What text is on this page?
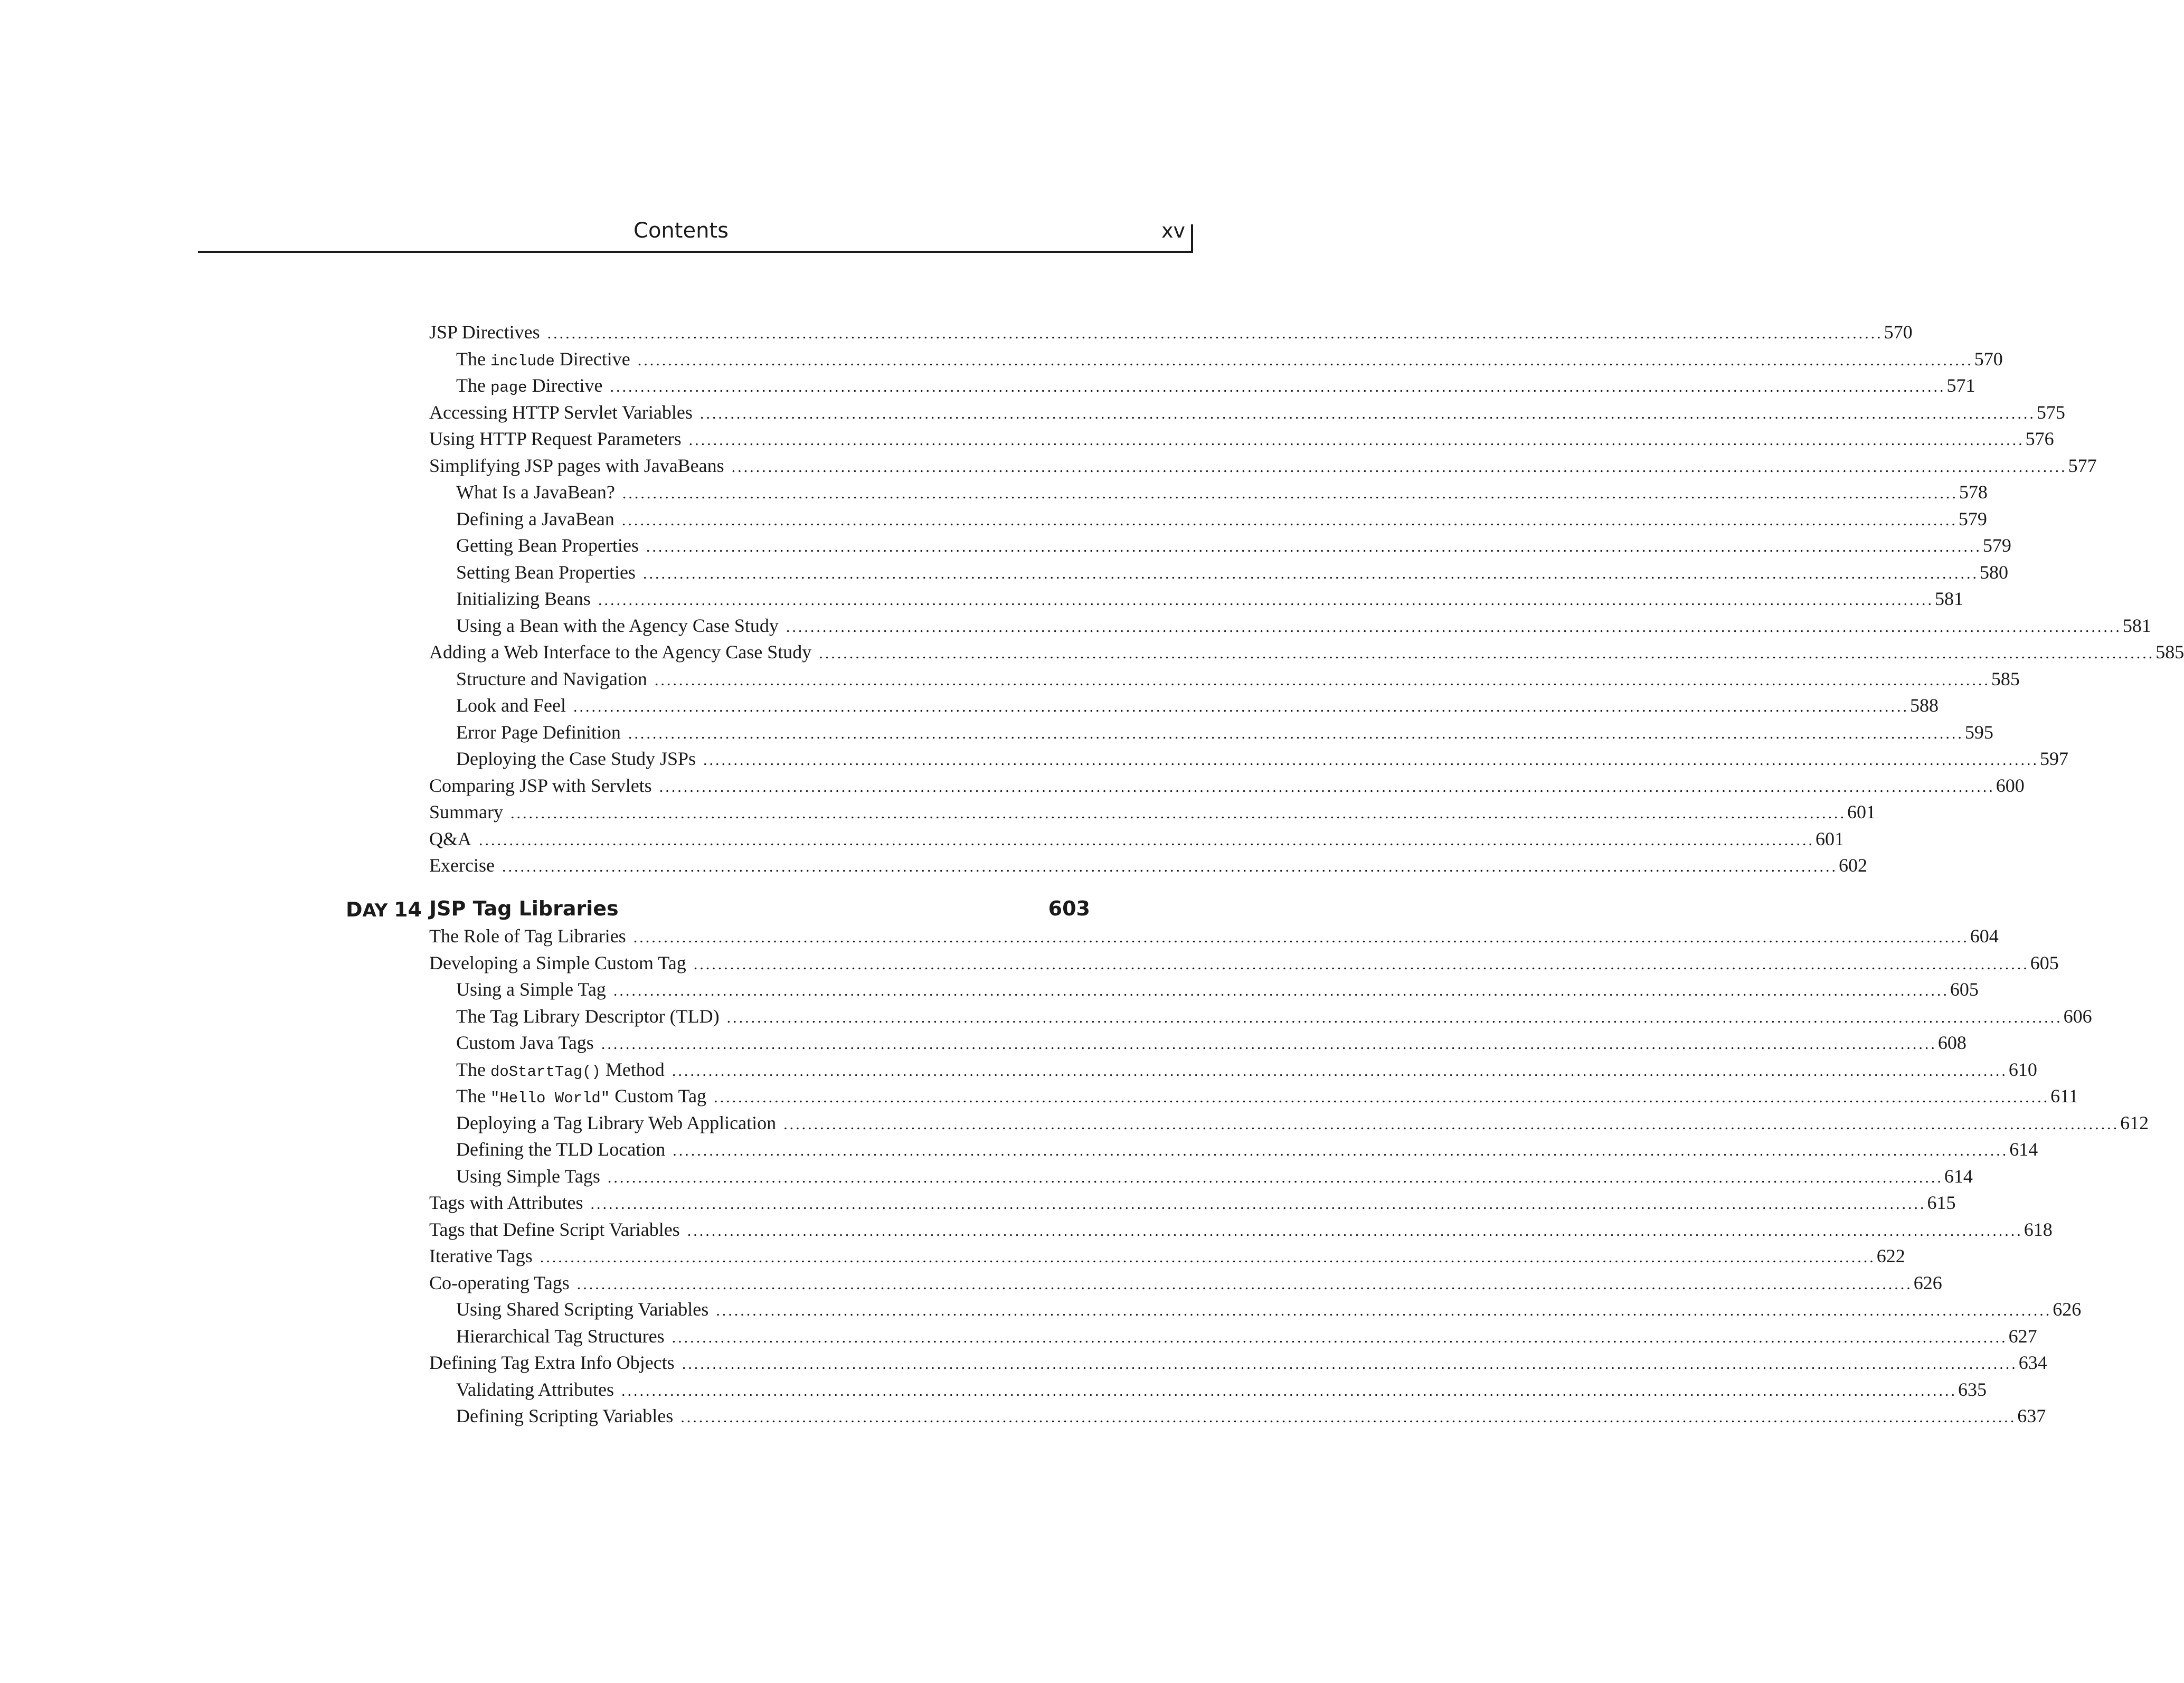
Contents	xv
JSP Directives ............................................................................................................................................................................................................................ 570
The include Directive ............................................................................................................................................................................................................................ 570
The page Directive ............................................................................................................................................................................................................................ 571
Accessing HTTP Servlet Variables ............................................................................................................................................................................................................................ 575
Using HTTP Request Parameters ............................................................................................................................................................................................................................ 576
Simplifying JSP pages with JavaBeans ............................................................................................................................................................................................................................ 577
What Is a JavaBean? ............................................................................................................................................................................................................................ 578
Defining a JavaBean ............................................................................................................................................................................................................................ 579
Getting Bean Properties ............................................................................................................................................................................................................................ 579
Setting Bean Properties ............................................................................................................................................................................................................................ 580
Initializing Beans ............................................................................................................................................................................................................................ 581
Using a Bean with the Agency Case Study ............................................................................................................................................................................................................................ 581
Adding a Web Interface to the Agency Case Study ............................................................................................................................................................................................................................ 585
Structure and Navigation ............................................................................................................................................................................................................................ 585
Look and Feel ............................................................................................................................................................................................................................ 588
Error Page Definition ............................................................................................................................................................................................................................ 595
Deploying the Case Study JSPs ............................................................................................................................................................................................................................ 597
Comparing JSP with Servlets ............................................................................................................................................................................................................................ 600
Summary ............................................................................................................................................................................................................................ 601
Q&A ............................................................................................................................................................................................................................ 601
Exercise ............................................................................................................................................................................................................................ 602
DAY 14 JSP Tag Libraries	603
The Role of Tag Libraries ............................................................................................................................................................................................................................ 604
Developing a Simple Custom Tag ............................................................................................................................................................................................................................ 605
Using a Simple Tag ............................................................................................................................................................................................................................ 605
The Tag Library Descriptor (TLD) ............................................................................................................................................................................................................................ 606
Custom Java Tags ............................................................................................................................................................................................................................ 608
The doStartTag() Method ............................................................................................................................................................................................................................ 610
The "Hello World" Custom Tag ............................................................................................................................................................................................................................ 611
Deploying a Tag Library Web Application ............................................................................................................................................................................................................................ 612
Defining the TLD Location ............................................................................................................................................................................................................................ 614
Using Simple Tags ............................................................................................................................................................................................................................ 614
Tags with Attributes ............................................................................................................................................................................................................................ 615
Tags that Define Script Variables ............................................................................................................................................................................................................................ 618
Iterative Tags ............................................................................................................................................................................................................................ 622
Co-operating Tags ............................................................................................................................................................................................................................ 626
Using Shared Scripting Variables ............................................................................................................................................................................................................................ 626
Hierarchical Tag Structures ............................................................................................................................................................................................................................ 627
Defining Tag Extra Info Objects ............................................................................................................................................................................................................................ 634
Validating Attributes ............................................................................................................................................................................................................................ 635
Defining Scripting Variables ............................................................................................................................................................................................................................ 637
